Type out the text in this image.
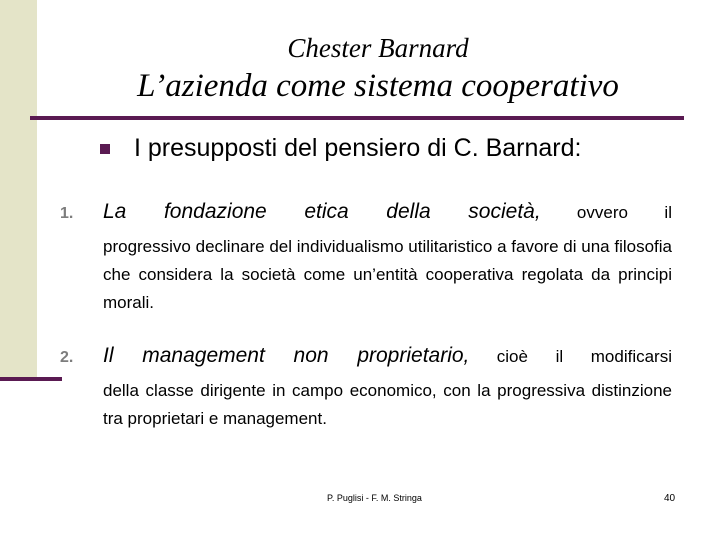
Chester Barnard
L’azienda come sistema cooperativo
I presupposti del pensiero di C. Barnard:
1. La fondazione etica della società, ovvero il
progressivo declinare del individualismo utilitaristico a favore di una filosofia che considera la società come un’entità cooperativa regolata da principi morali.
2. Il management non proprietario, cioè il modificarsi
della classe dirigente in campo economico, con la progressiva distinzione tra proprietari e management.
P. Puglisi - F. M. Stringa	40
